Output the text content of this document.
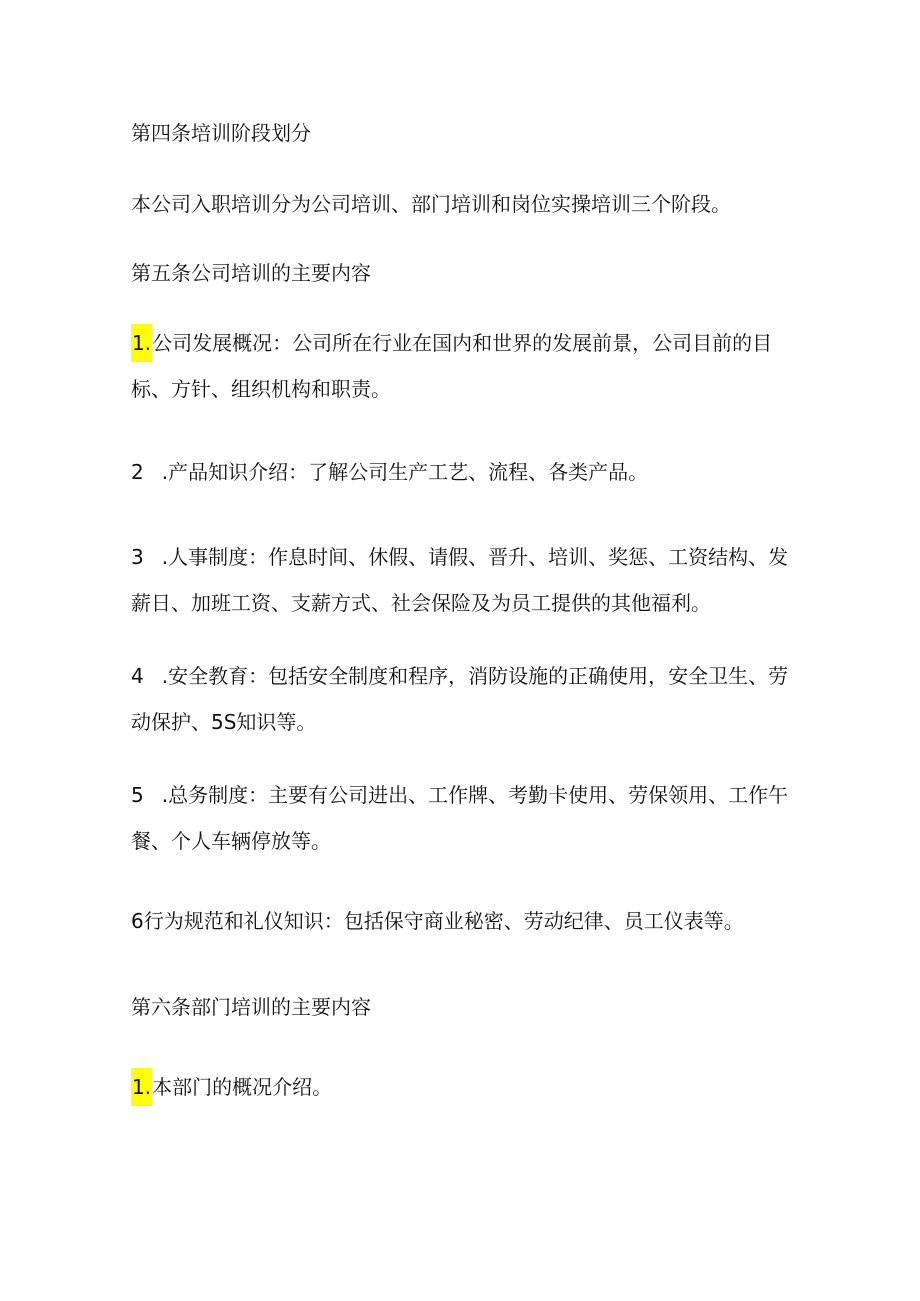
第四条培训阶段划分

本公司入职培训分为公司培训、部门培训和岗位实操培训三个阶段。

第五条公司培训的主要内容

1.公司发展概况：公司所在行业在国内和世界的发展前景，公司目前的目标、方针、组织机构和职责。

2 .产品知识介绍：了解公司生产工艺、流程、各类产品。

3 .人事制度：作息时间、休假、请假、晋升、培训、奖惩、工资结构、发薪日、加班工资、支薪方式、社会保险及为员工提供的其他福利。

4 .安全教育：包括安全制度和程序，消防设施的正确使用，安全卫生、劳动保护、5S知识等。

5 .总务制度：主要有公司进出、工作牌、考勤卡使用、劳保领用、工作午餐、个人车辆停放等。

6行为规范和礼仪知识：包括保守商业秘密、劳动纪律、员工仪表等。

第六条部门培训的主要内容

1.本部门的概况介绍。
